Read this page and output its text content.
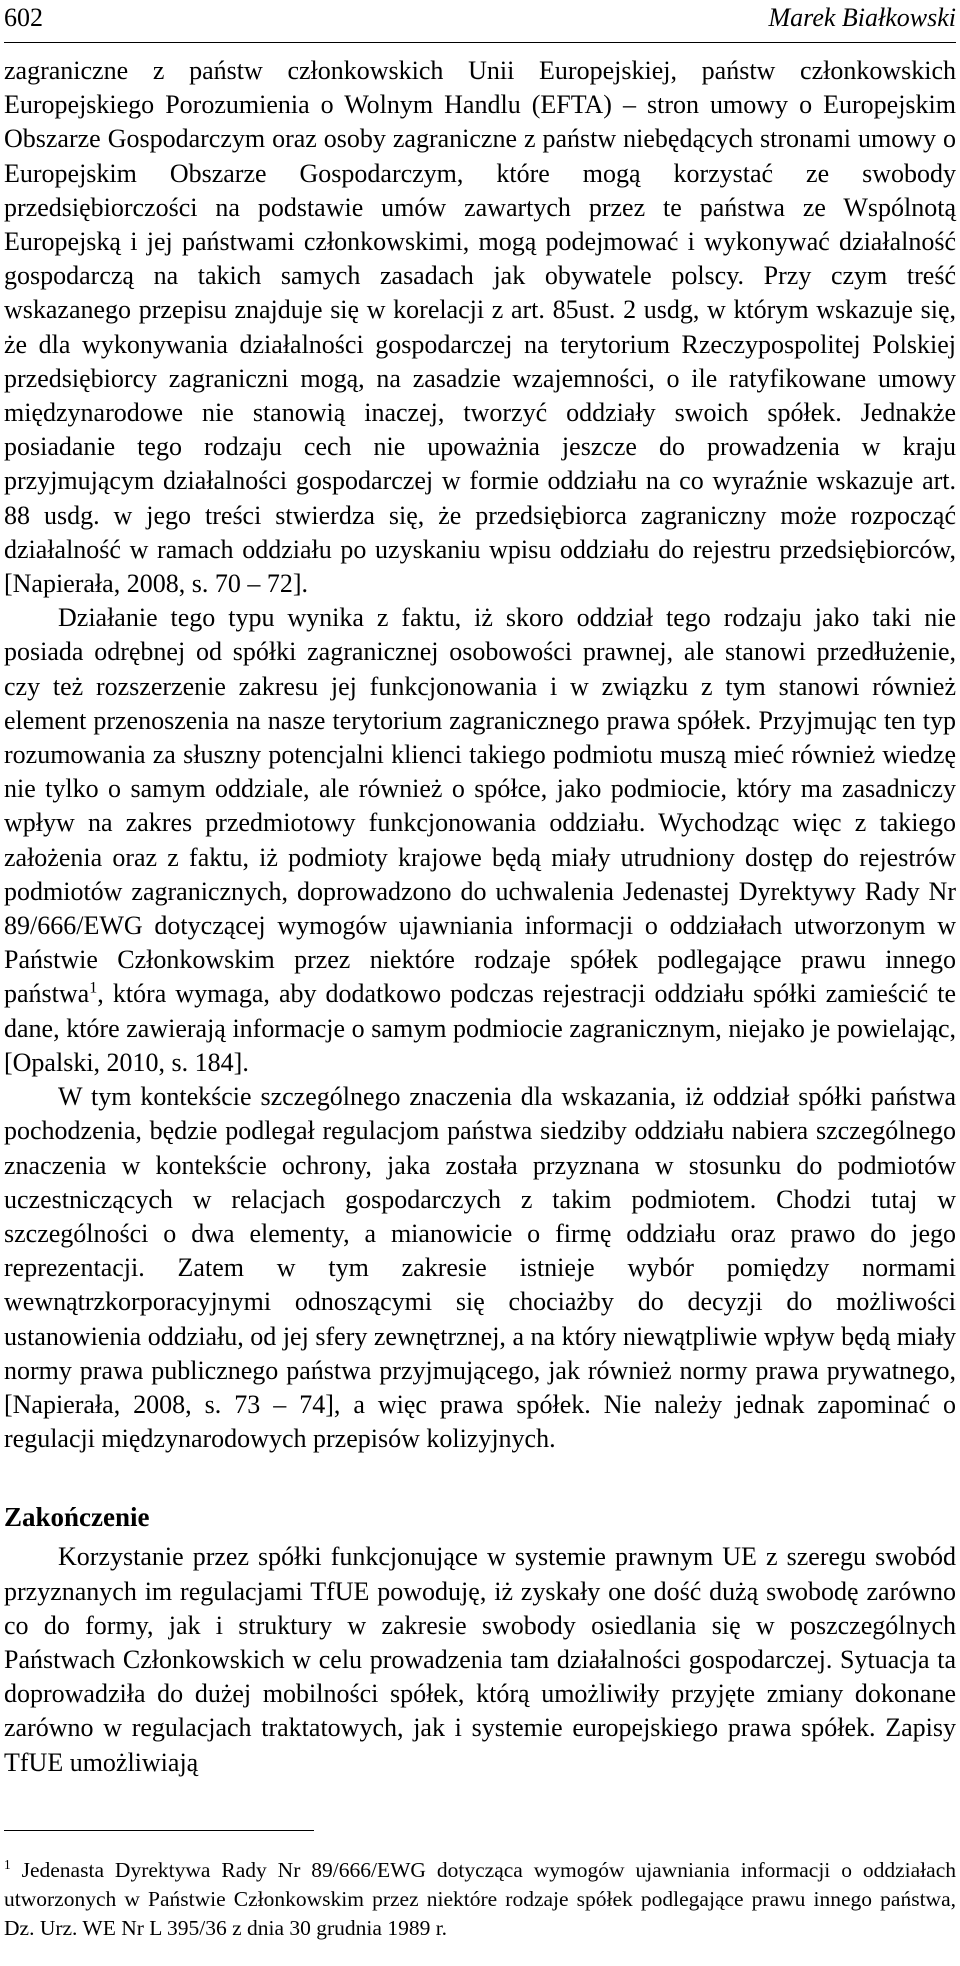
602	Marek Białkowski

zagraniczne z państw członkowskich Unii Europejskiej, państw członkowskich Europejskiego Porozumienia o Wolnym Handlu (EFTA) – stron umowy o Europejskim Obszarze Gospodarczym oraz osoby zagraniczne z państw niebędących stronami umowy o Europejskim Obszarze Gospodarczym, które mogą korzystać ze swobody przedsiębiorczości na podstawie umów zawartych przez te państwa ze Wspólnotą Europejską i jej państwami członkowskimi, mogą podejmować i wykonywać działalność gospodarczą na takich samych zasadach jak obywatele polscy. Przy czym treść wskazanego przepisu znajduje się w korelacji z art. 85ust. 2 usdg, w którym wskazuje się, że dla wykonywania działalności gospodarczej na terytorium Rzeczypospolitej Polskiej przedsiębiorcy zagraniczni mogą, na zasadzie wzajemności, o ile ratyfikowane umowy międzynarodowe nie stanowią inaczej, tworzyć oddziały swoich spółek. Jednakże posiadanie tego rodzaju cech nie upoważnia jeszcze do prowadzenia w kraju przyjmującym działalności gospodarczej w formie oddziału na co wyraźnie wskazuje art. 88 usdg. w jego treści stwierdza się, że przedsiębiorca zagraniczny może rozpocząć działalność w ramach oddziału po uzyskaniu wpisu oddziału do rejestru przedsiębiorców, [Napierała, 2008, s. 70 – 72].

Działanie tego typu wynika z faktu, iż skoro oddział tego rodzaju jako taki nie posiada odrębnej od spółki zagranicznej osobowości prawnej, ale stanowi przedłużenie, czy też rozszerzenie zakresu jej funkcjonowania i w związku z tym stanowi również element przenoszenia na nasze terytorium zagranicznego prawa spółek. Przyjmując ten typ rozumowania za słuszny potencjalni klienci takiego podmiotu muszą mieć również wiedzę nie tylko o samym oddziale, ale również o spółce, jako podmiocie, który ma zasadniczy wpływ na zakres przedmiotowy funkcjonowania oddziału. Wychodząc więc z takiego założenia oraz z faktu, iż podmioty krajowe będą miały utrudniony dostęp do rejestrów podmiotów zagranicznych, doprowadzono do uchwalenia Jedenastej Dyrektywy Rady Nr 89/666/EWG dotyczącej wymogów ujawniania informacji o oddziałach utworzonym w Państwie Członkowskim przez niektóre rodzaje spółek podlegające prawu innego państwa$^1$, która wymaga, aby dodatkowo podczas rejestracji oddziału spółki zamieścić te dane, które zawierają informacje o samym podmiocie zagranicznym, niejako je powielając, [Opalski, 2010, s. 184].

W tym kontekście szczególnego znaczenia dla wskazania, iż oddział spółki państwa pochodzenia, będzie podlegał regulacjom państwa siedziby oddziału nabiera szczególnego znaczenia w kontekście ochrony, jaka została przyznana w stosunku do podmiotów uczestniczących w relacjach gospodarczych z takim podmiotem. Chodzi tutaj w szczególności o dwa elementy, a mianowicie o firmę oddziału oraz prawo do jego reprezentacji. Zatem w tym zakresie istnieje wybór pomiędzy normami wewnątrzkorporacyjnymi odnoszącymi się chociażby do decyzji do możliwości ustanowienia oddziału, od jej sfery zewnętrznej, a na który niewątpliwie wpływ będą miały normy prawa publicznego państwa przyjmującego, jak również normy prawa prywatnego, [Napierała, 2008, s. 73 – 74], a więc prawa spółek. Nie należy jednak zapominać o regulacji międzynarodowych przepisów kolizyjnych.

Zakończenie

Korzystanie przez spółki funkcjonujące w systemie prawnym UE z szeregu swobód przyznanych im regulacjami TfUE powoduję, iż zyskały one dość dużą swobodę zarówno co do formy, jak i struktury w zakresie swobody osiedlania się w poszczególnych Państwach Członkowskich w celu prowadzenia tam działalności gospodarczej. Sytuacja ta doprowadziła do dużej mobilności spółek, którą umożliwiły przyjęte zmiany dokonane zarówno w regulacjach traktatowych, jak i systemie europejskiego prawa spółek. Zapisy TfUE umożliwiają

$^1$ Jedenasta Dyrektywa Rady Nr 89/666/EWG dotycząca wymogów ujawniania informacji o oddziałach utworzonych w Państwie Członkowskim przez niektóre rodzaje spółek podlegające prawu innego państwa, Dz. Urz. WE Nr L 395/36 z dnia 30 grudnia 1989 r.
